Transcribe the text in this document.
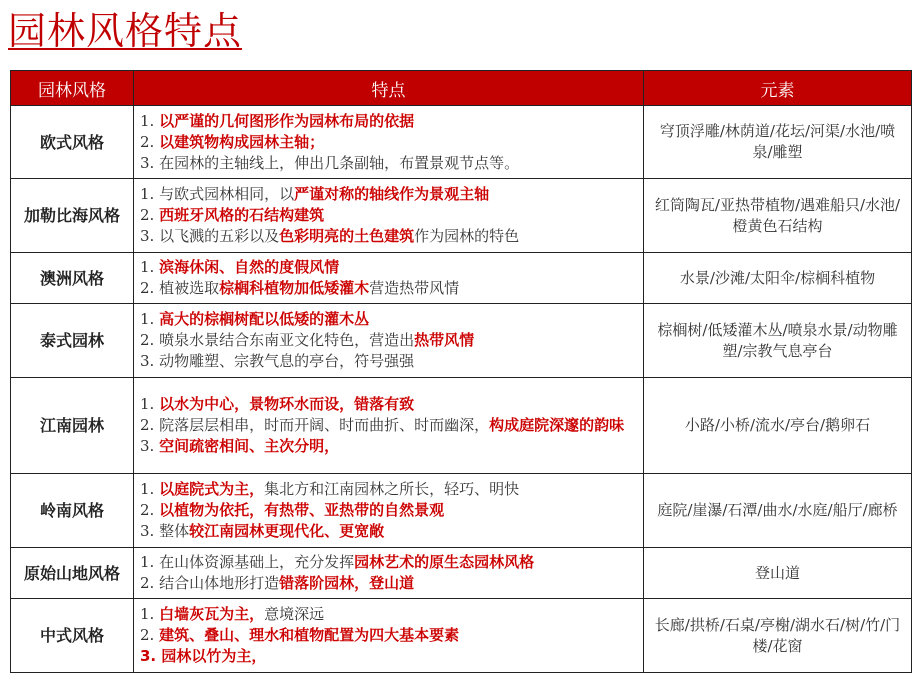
园林风格特点
园林风格	特点	元素
欧式风格	1. 以严谨的几何图形作为园林布局的依据
2. 以建筑物构成园林主轴；
3. 在园林的主轴线上，伸出几条副轴，布置景观节点等。	穹顶浮雕/林荫道/花坛/河渠/水池/喷泉/雕塑
加勒比海风格	1. 与欧式园林相同，以严谨对称的轴线作为景观主轴
2. 西班牙风格的石结构建筑
3. 以飞溅的五彩以及色彩明亮的土色建筑作为园林的特色	红筒陶瓦/亚热带植物/遇难船只/水池/橙黄色石结构
澳洲风格	1. 滨海休闲、自然的度假风情
2. 植被选取棕榈科植物加低矮灌木营造热带风情	水景/沙滩/太阳伞/棕榈科植物
泰式园林	1. 高大的棕榈树配以低矮的灌木丛
2. 喷泉水景结合东南亚文化特色，营造出热带风情
3. 动物雕塑、宗教气息的亭台，符号强强	棕榈树/低矮灌木丛/喷泉水景/动物雕塑/宗教气息亭台
江南园林	1. 以水为中心，景物环水而设，错落有致
2. 院落层层相串，时而开阔、时而曲折、时而幽深，构成庭院深邃的韵味
3. 空间疏密相间、主次分明，	小路/小桥/流水/亭台/鹅卵石
岭南风格	1. 以庭院式为主，集北方和江南园林之所长，轻巧、明快
2. 以植物为依托，有热带、亚热带的自然景观
3. 整体较江南园林更现代化、更宽敞	庭院/崖瀑/石潭/曲水/水庭/船厅/廊桥
原始山地风格	1. 在山体资源基础上，充分发挥园林艺术的原生态园林风格
2. 结合山体地形打造错落阶园林，登山道	登山道
中式风格	1. 白墙灰瓦为主，意境深远
2. 建筑、叠山、理水和植物配置为四大基本要素
3. 园林以竹为主，	长廊/拱桥/石桌/亭榭/湖水石/树/竹/门楼/花窗
